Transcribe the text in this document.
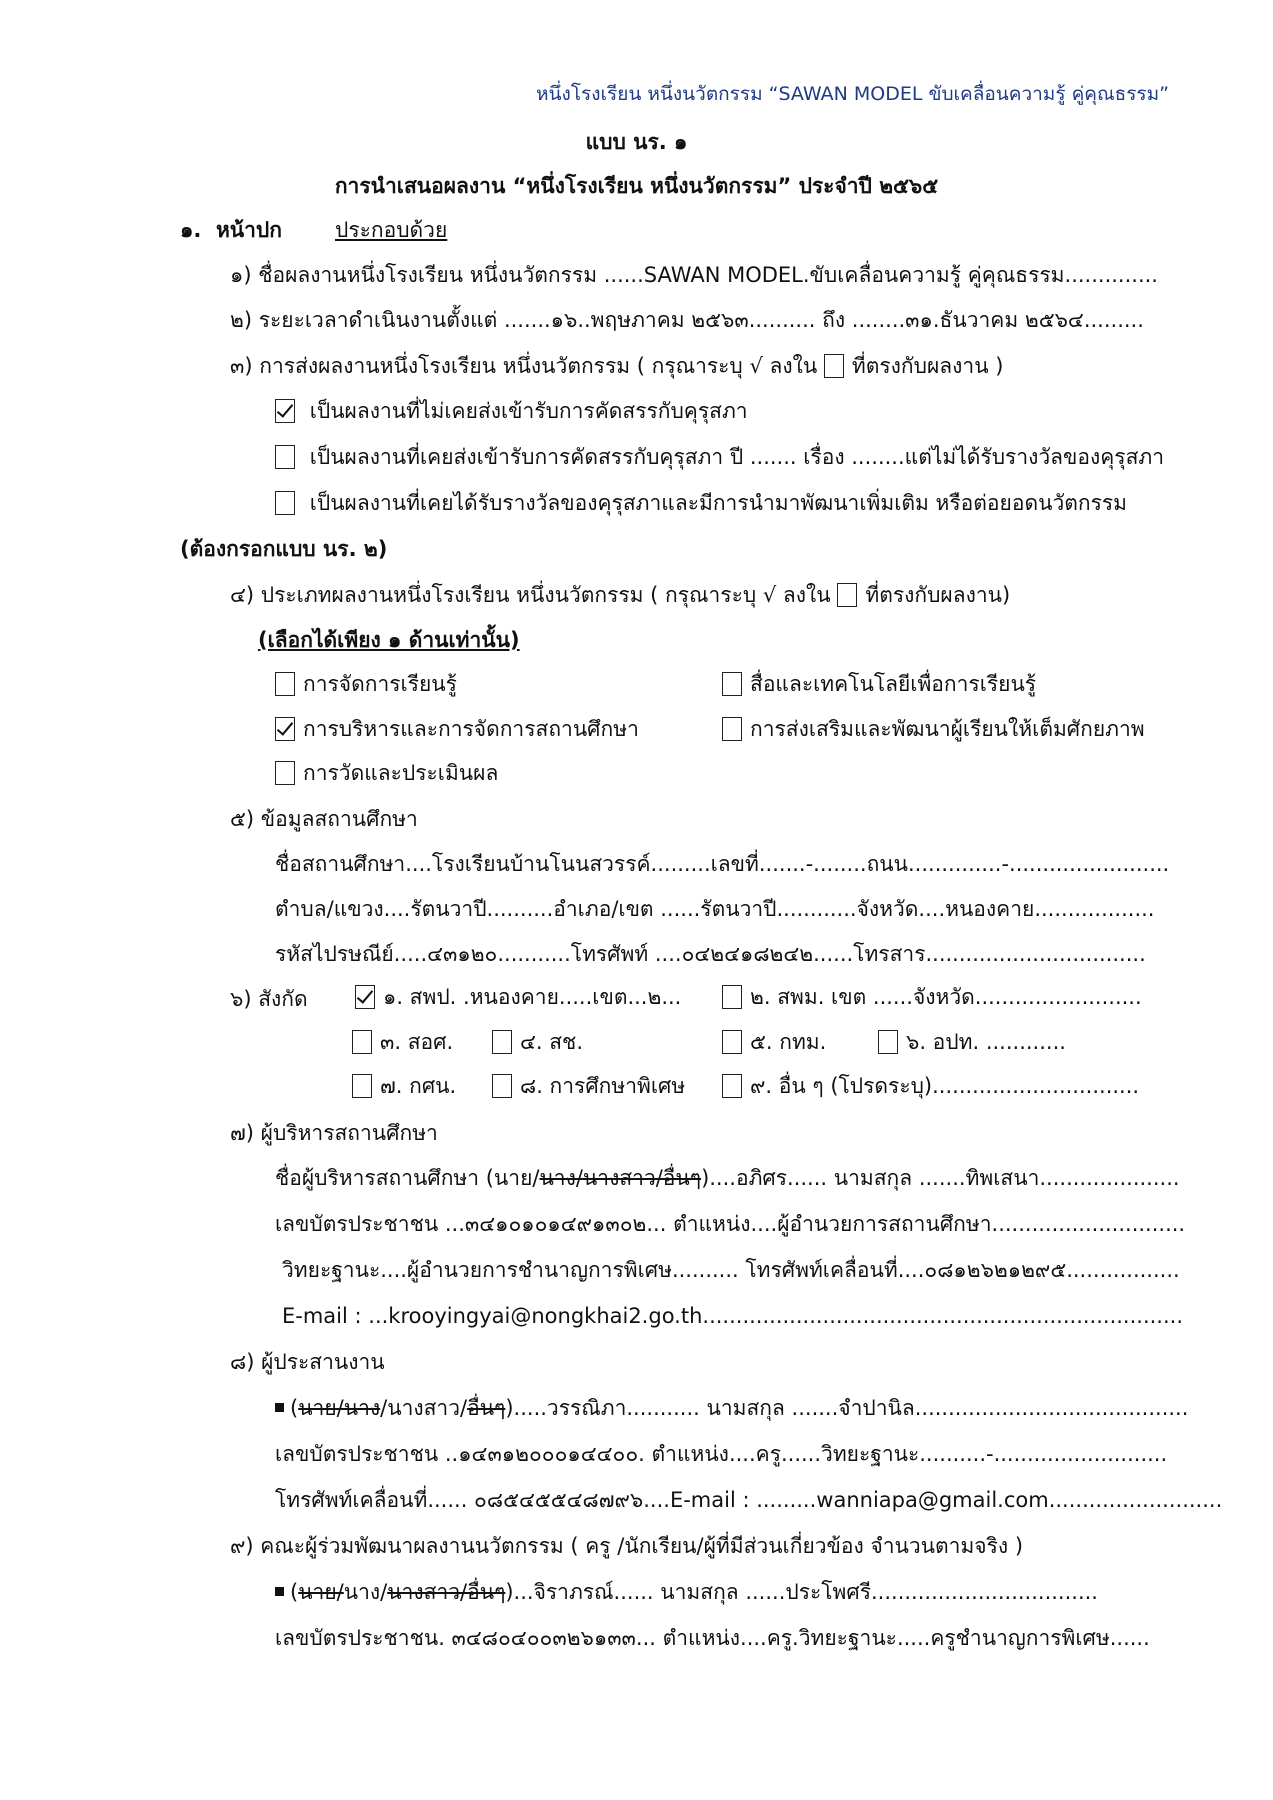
หนึ่งโรงเรียน หนึ่งนวัตกรรม “SAWAN MODEL ขับเคลื่อนความรู้ คู่คุณธรรม”
แบบ นร. ๑
การนำเสนอผลงาน “หนึ่งโรงเรียน หนึ่งนวัตกรรม” ประจำปี ๒๕๖๕
๑. หน้าปก	ประกอบด้วย
๑) ชื่อผลงานหนึ่งโรงเรียน หนึ่งนวัตกรรม ......SAWAN MODEL.ขับเคลื่อนความรู้ คู่คุณธรรม..............
๒) ระยะเวลาดำเนินงานตั้งแต่ .......๑๖..พฤษภาคม ๒๕๖๓.......... ถึง ........๓๑.ธันวาคม ๒๕๖๔.........
๓) การส่งผลงานหนึ่งโรงเรียน หนึ่งนวัตกรรม ( กรุณาระบุ √ ลงใน ที่ตรงกับผลงาน )
เป็นผลงานที่ไม่เคยส่งเข้ารับการคัดสรรกับคุรุสภา
เป็นผลงานที่เคยส่งเข้ารับการคัดสรรกับคุรุสภา ปี ....... เรื่อง ........แต่ไม่ได้รับรางวัลของคุรุสภา
เป็นผลงานที่เคยได้รับรางวัลของคุรุสภาและมีการนำมาพัฒนาเพิ่มเติม หรือต่อยอดนวัตกรรม
(ต้องกรอกแบบ นร. ๒)
๔) ประเภทผลงานหนึ่งโรงเรียน หนึ่งนวัตกรรม ( กรุณาระบุ √ ลงใน ที่ตรงกับผลงาน)
(เลือกได้เพียง ๑ ด้านเท่านั้น)
การจัดการเรียนรู้	สื่อและเทคโนโลยีเพื่อการเรียนรู้
การบริหารและการจัดการสถานศึกษา	การส่งเสริมและพัฒนาผู้เรียนให้เต็มศักยภาพ
การวัดและประเมินผล
๕) ข้อมูลสถานศึกษา
ชื่อสถานศึกษา....โรงเรียนบ้านโนนสวรรค์.........เลขที่.......-........ถนน..............-........................
ตำบล/แขวง....รัตนวาปี..........อำเภอ/เขต ......รัตนวาปี............จังหวัด....หนองคาย..................
รหัสไปรษณีย์.....๔๓๑๒๐...........โทรศัพท์ ....๐๔๒๔๑๘๒๔๒......โทรสาร.................................
๖) สังกัด	๑. สพป. .หนองคาย.....เขต...๒...	๒. สพม. เขต ......จังหวัด.........................
๓. สอศ.	๔. สช.	๕. กทม.	๖. อปท. ............
๗. กศน.	๘. การศึกษาพิเศษ	๙. อื่น ๆ (โปรดระบุ)...............................
๗) ผู้บริหารสถานศึกษา
ชื่อผู้บริหารสถานศึกษา (นาย/นาง/นางสาว/อื่นๆ)....อภิศร...... นามสกุล .......ทิพเสนา.....................
เลขบัตรประชาชน ...๓๔๑๐๑๐๑๔๙๑๓๐๒... ตำแหน่ง....ผู้อำนวยการสถานศึกษา.............................
วิทยะฐานะ....ผู้อำนวยการชำนาญการพิเศษ.......... โทรศัพท์เคลื่อนที่....๐๘๑๒๖๒๑๒๙๕.................
E-mail : ...krooyingyai@nongkhai2.go.th........................................................................
๘) ผู้ประสานงาน
(นาย/นาง/นางสาว/อื่นๆ).....วรรณิภา........... นามสกุล .......จำปานิล.........................................
เลขบัตรประชาชน ..๑๔๓๑๒๐๐๐๑๔๔๐๐. ตำแหน่ง....ครู......วิทยะฐานะ..........-..........................
โทรศัพท์เคลื่อนที่...... ๐๘๕๔๕๕๔๘๗๙๖....E-mail : .........wanniapa@gmail.com..........................
๙) คณะผู้ร่วมพัฒนาผลงานนวัตกรรม ( ครู /นักเรียน/ผู้ที่มีส่วนเกี่ยวข้อง จำนวนตามจริง )
(นาย/นาง/นางสาว/อื่นๆ)...จิราภรณ์...... นามสกุล ......ประโพศรี..................................
เลขบัตรประชาชน. ๓๔๘๐๔๐๐๓๒๖๑๓๓... ตำแหน่ง....ครู.วิทยะฐานะ.....ครูชำนาญการพิเศษ......
